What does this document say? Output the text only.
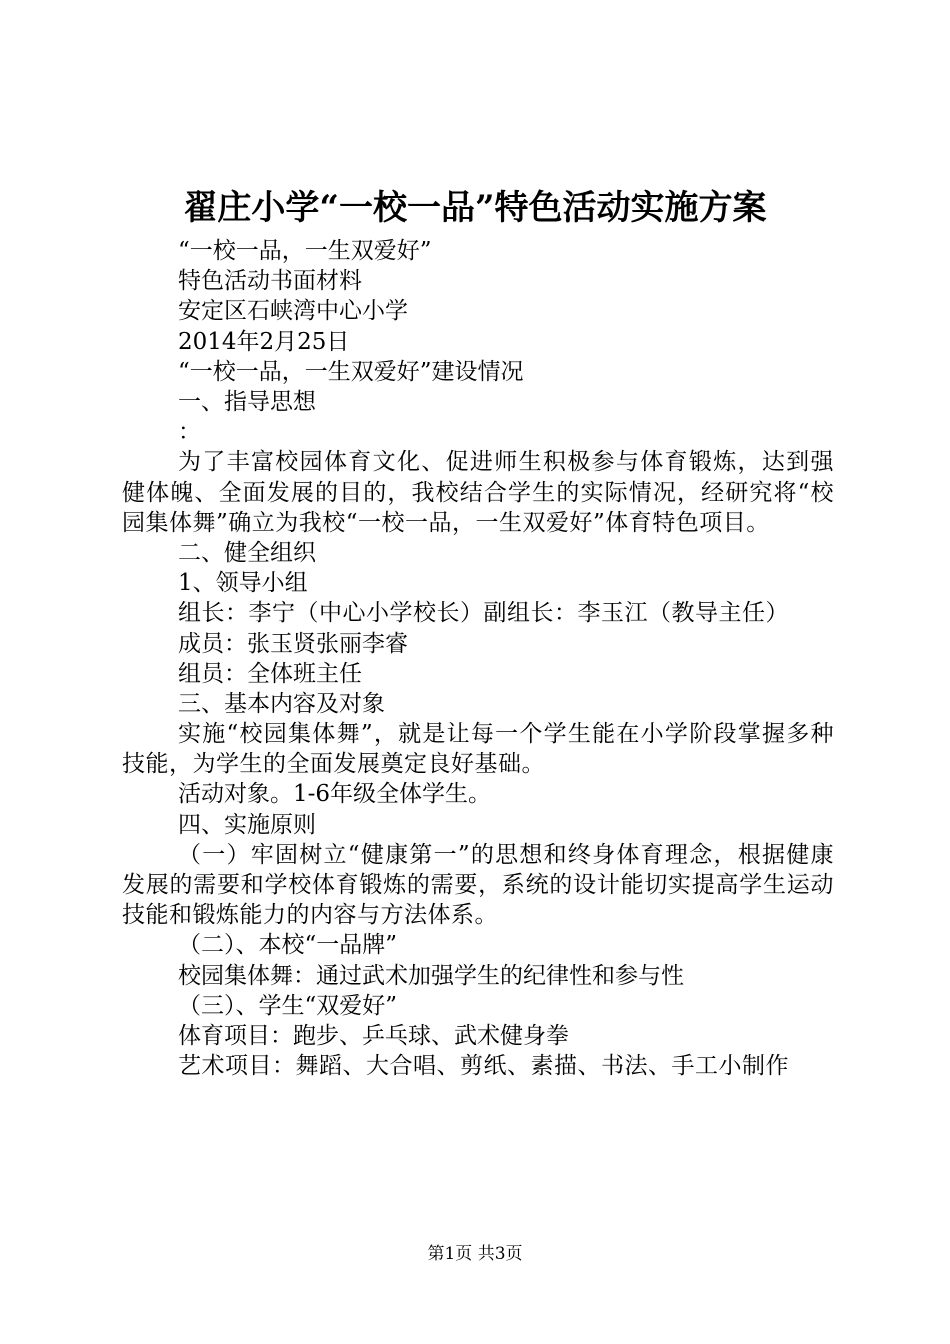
翟庄小学“一校一品”特色活动实施方案
“一校一品，一生双爱好”
特色活动书面材料
安定区石峡湾中心小学
2014年2月25日
“一校一品，一生双爱好”建设情况
一、指导思想
：
为了丰富校园体育文化、促进师生积极参与体育锻炼，达到强健体魄、全面发展的目的，我校结合学生的实际情况，经研究将“校园集体舞”确立为我校“一校一品，一生双爱好”体育特色项目。
二、健全组织
1、领导小组
组长：李宁（中心小学校长）副组长：李玉江（教导主任）
成员：张玉贤张丽李睿
组员：全体班主任
三、基本内容及对象
实施“校园集体舞”，就是让每一个学生能在小学阶段掌握多种技能，为学生的全面发展奠定良好基础。
活动对象。1-6年级全体学生。
四、实施原则
（一）牢固树立“健康第一”的思想和终身体育理念，根据健康发展的需要和学校体育锻炼的需要，系统的设计能切实提高学生运动技能和锻炼能力的内容与方法体系。
（二）、本校“一品牌”
校园集体舞：通过武术加强学生的纪律性和参与性
（三）、学生“双爱好”
体育项目：跑步、乒乓球、武术健身拳
艺术项目：舞蹈、大合唱、剪纸、素描、书法、手工小制作
第1页 共3页
